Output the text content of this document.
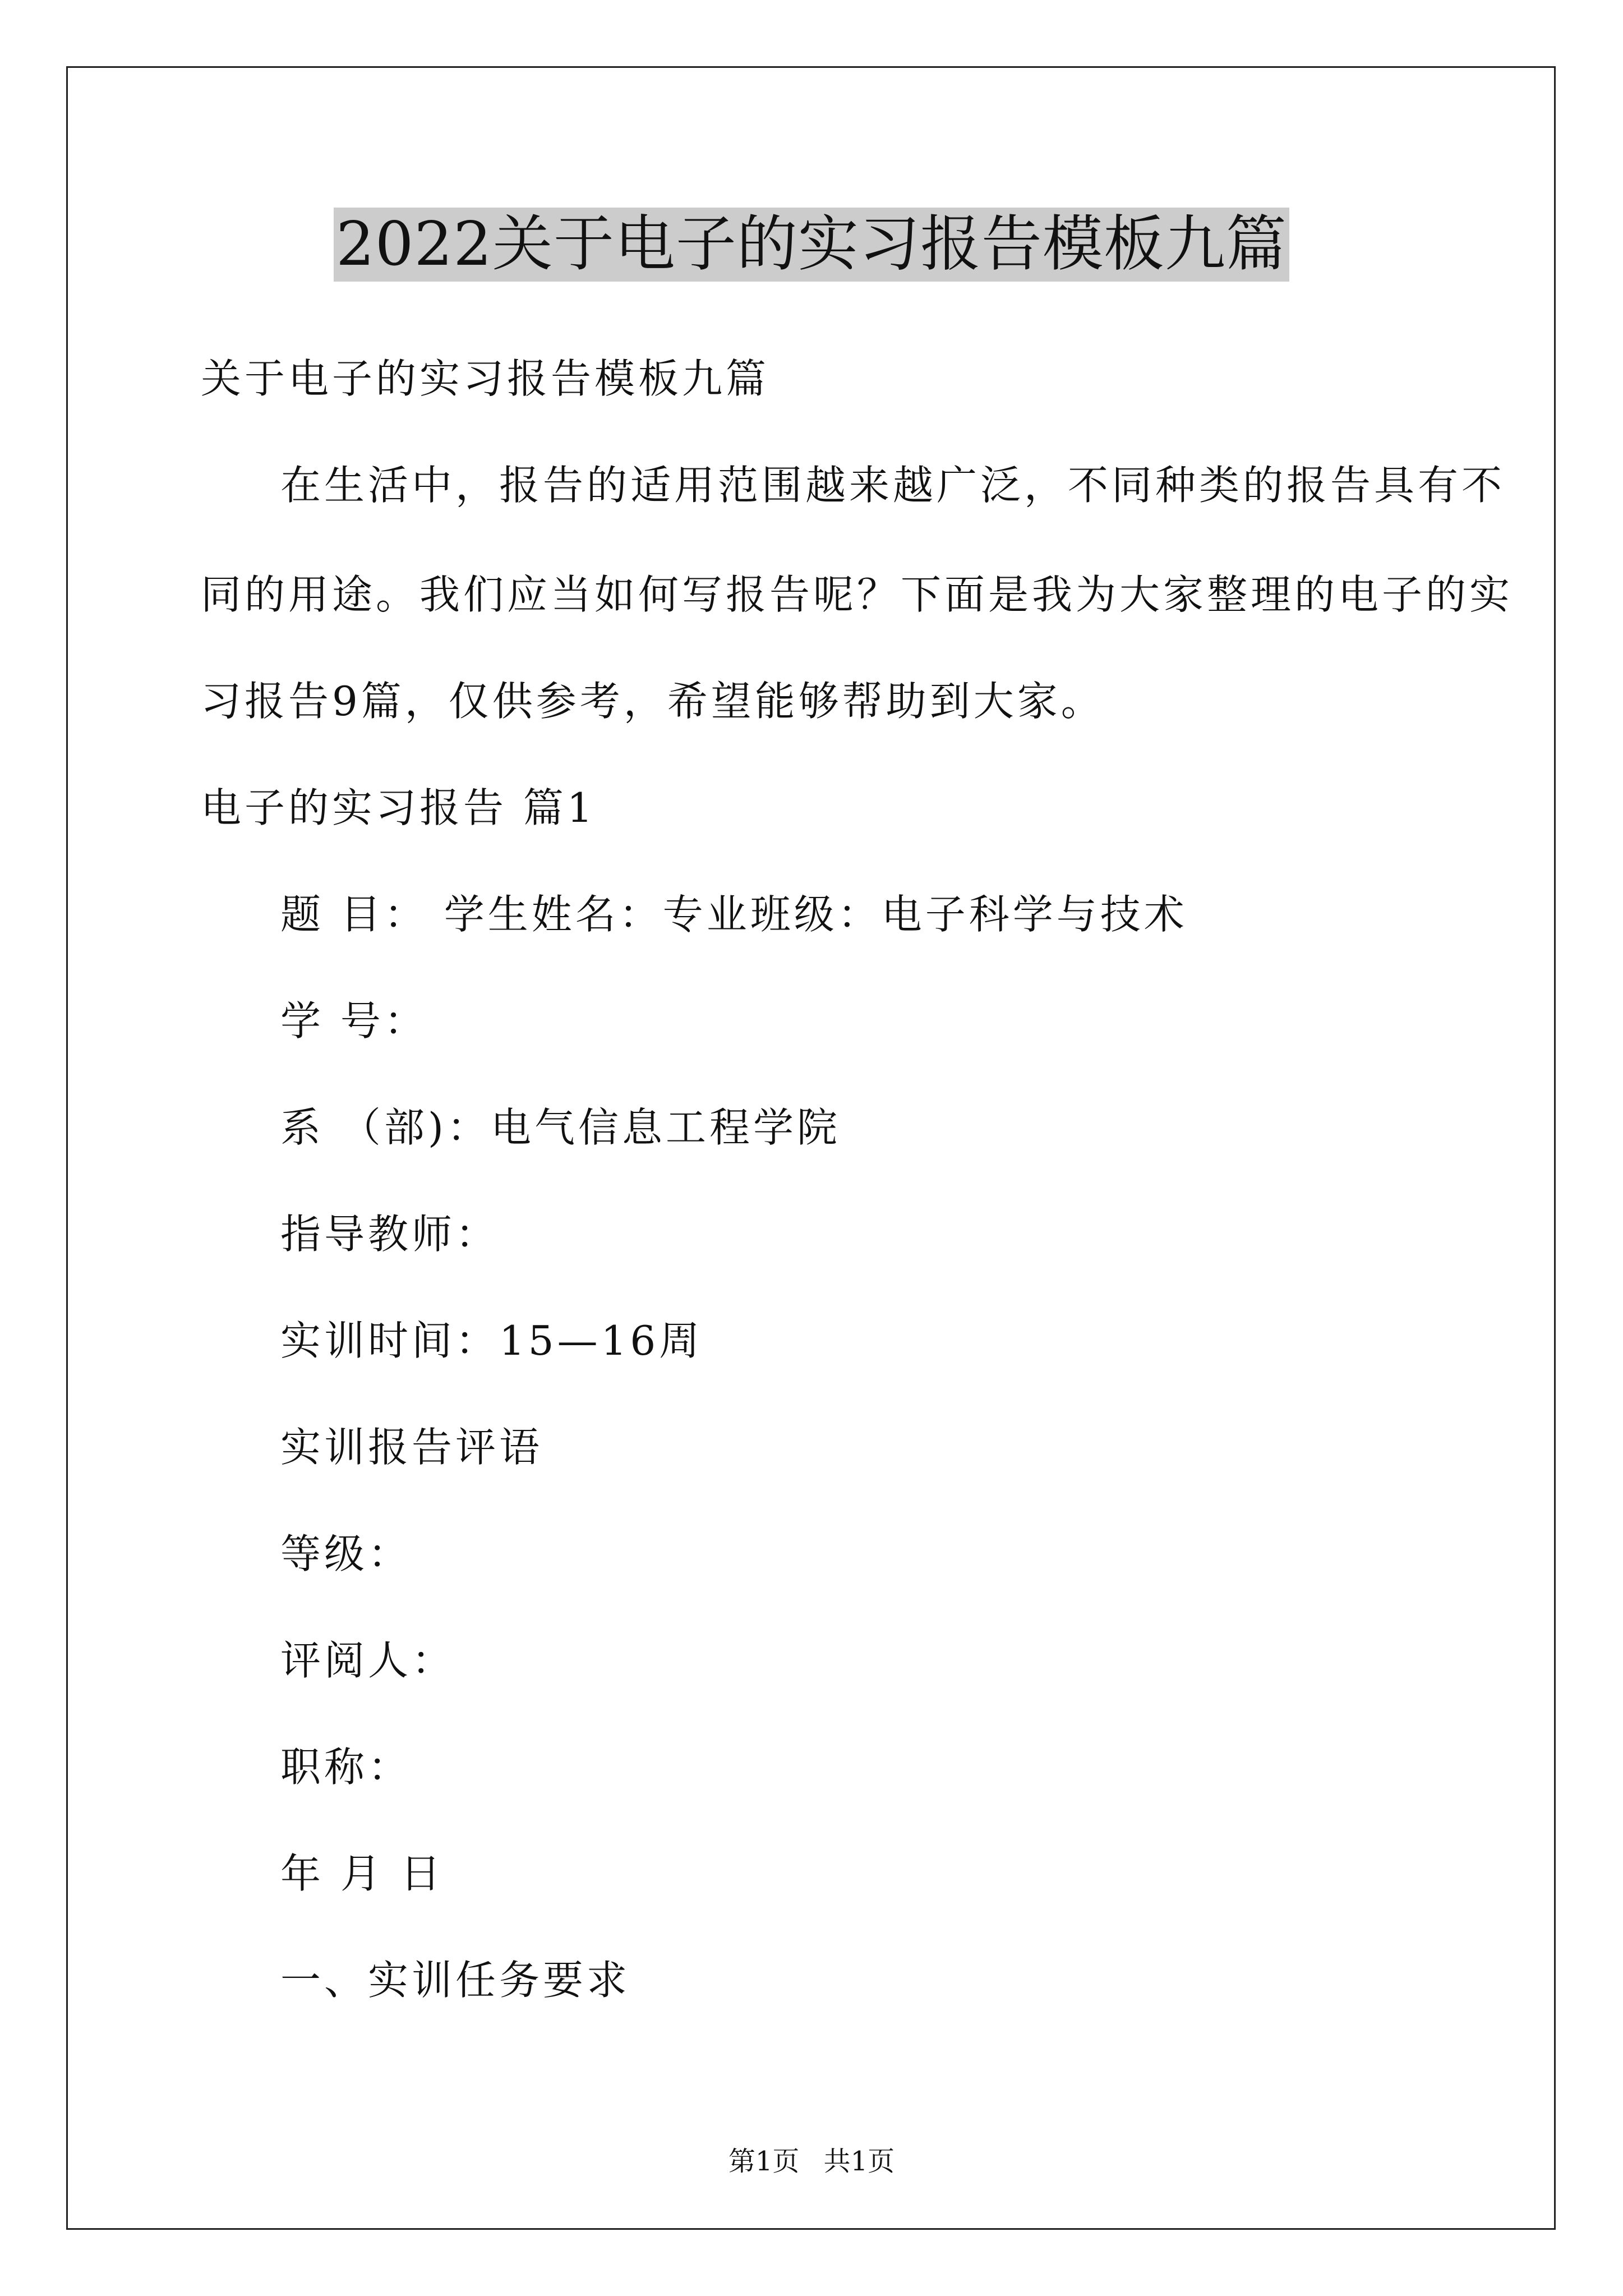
2022关于电子的实习报告模板九篇
关于电子的实习报告模板九篇
在生活中，报告的适用范围越来越广泛，不同种类的报告具有不
同的用途。我们应当如何写报告呢？下面是我为大家整理的电子的实
习报告9篇，仅供参考，希望能够帮助到大家。
电子的实习报告 篇1
题 目： 学生姓名：专业班级：电子科学与技术
学 号：
系 （部)：电气信息工程学院
指导教师：
实训时间：15—16周
实训报告评语
等级：
评阅人：
职称：
年 月 日
一、实训任务要求
第1页 共1页
